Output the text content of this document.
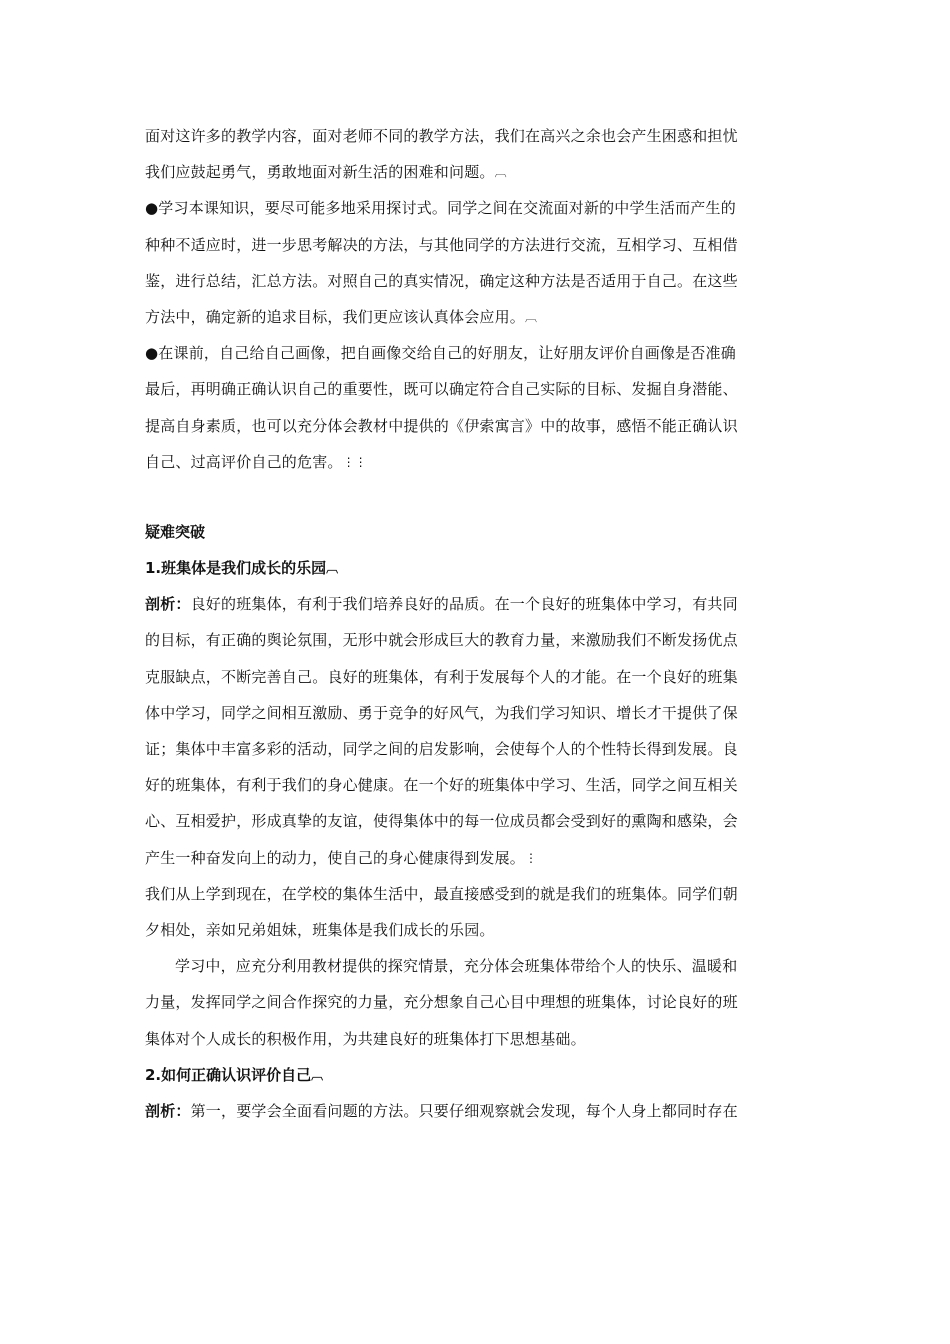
面对这许多的教学内容，面对老师不同的教学方法，我们在高兴之余也会产生困惑和担忧
我们应鼓起勇气，勇敢地面对新生活的困难和问题。︹
●学习本课知识，要尽可能多地采用探讨式。同学之间在交流面对新的中学生活而产生的
种种不适应时，进一步思考解决的方法，与其他同学的方法进行交流，互相学习、互相借
鉴，进行总结，汇总方法。对照自己的真实情况，确定这种方法是否适用于自己。在这些
方法中，确定新的追求目标，我们更应该认真体会应用。︹
●在课前，自己给自己画像，把自画像交给自己的好朋友，让好朋友评价自画像是否准确
最后，再明确正确认识自己的重要性，既可以确定符合自己实际的目标、发掘自身潜能、
提高自身素质，也可以充分体会教材中提供的《伊索寓言》中的故事，感悟不能正确认识
自己、过高评价自己的危害。⋮⋮
疑难突破
1.班集体是我们成长的乐园︹
剖析：良好的班集体，有利于我们培养良好的品质。在一个良好的班集体中学习，有共同
的目标，有正确的舆论氛围，无形中就会形成巨大的教育力量，来激励我们不断发扬优点
克服缺点，不断完善自己。良好的班集体，有利于发展每个人的才能。在一个良好的班集
体中学习，同学之间相互激励、勇于竞争的好风气，为我们学习知识、增长才干提供了保
证；集体中丰富多彩的活动，同学之间的启发影响，会使每个人的个性特长得到发展。良
好的班集体，有利于我们的身心健康。在一个好的班集体中学习、生活，同学之间互相关
心、互相爱护，形成真挚的友谊，使得集体中的每一位成员都会受到好的熏陶和感染，会
产生一种奋发向上的动力，使自己的身心健康得到发展。⋮
我们从上学到现在，在学校的集体生活中，最直接感受到的就是我们的班集体。同学们朝
夕相处，亲如兄弟姐妹，班集体是我们成长的乐园。
学习中，应充分利用教材提供的探究情景，充分体会班集体带给个人的快乐、温暖和
力量，发挥同学之间合作探究的力量，充分想象自己心目中理想的班集体，讨论良好的班
集体对个人成长的积极作用，为共建良好的班集体打下思想基础。
2.如何正确认识评价自己︹
剖析：第一，要学会全面看问题的方法。只要仔细观察就会发现，每个人身上都同时存在
